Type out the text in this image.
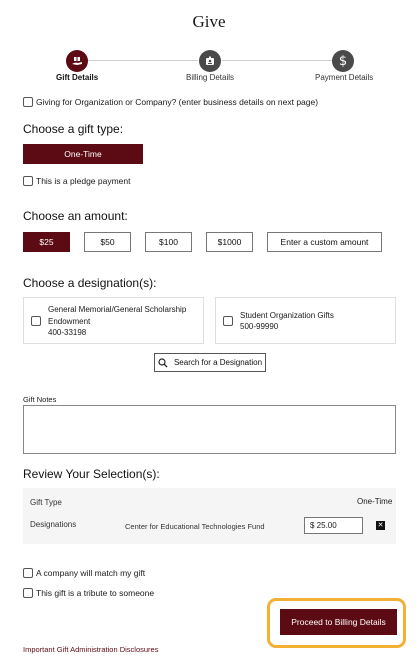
Give
$
Gift Details	Billing Details	Payment Details
Giving for Organization or Company? (enter business details on next page)
Choose a gift type:
One-Time
This is a pledge payment
Choose an amount:
$25	$50	$100	$1000	Enter a custom amount
Choose a designation(s):
General Memorial/General Scholarship
Endowment
400-33198
Student Organization Gifts
500-99990
Search for a Designation
Gift Notes
Review Your Selection(s):
Gift Type	One-Time
Designations	Center for Educational Technologies Fund	$ 25.00	✕
A company will match my gift
This gift is a tribute to someone
Proceed to Billing Details
Important Gift Administration Disclosures
